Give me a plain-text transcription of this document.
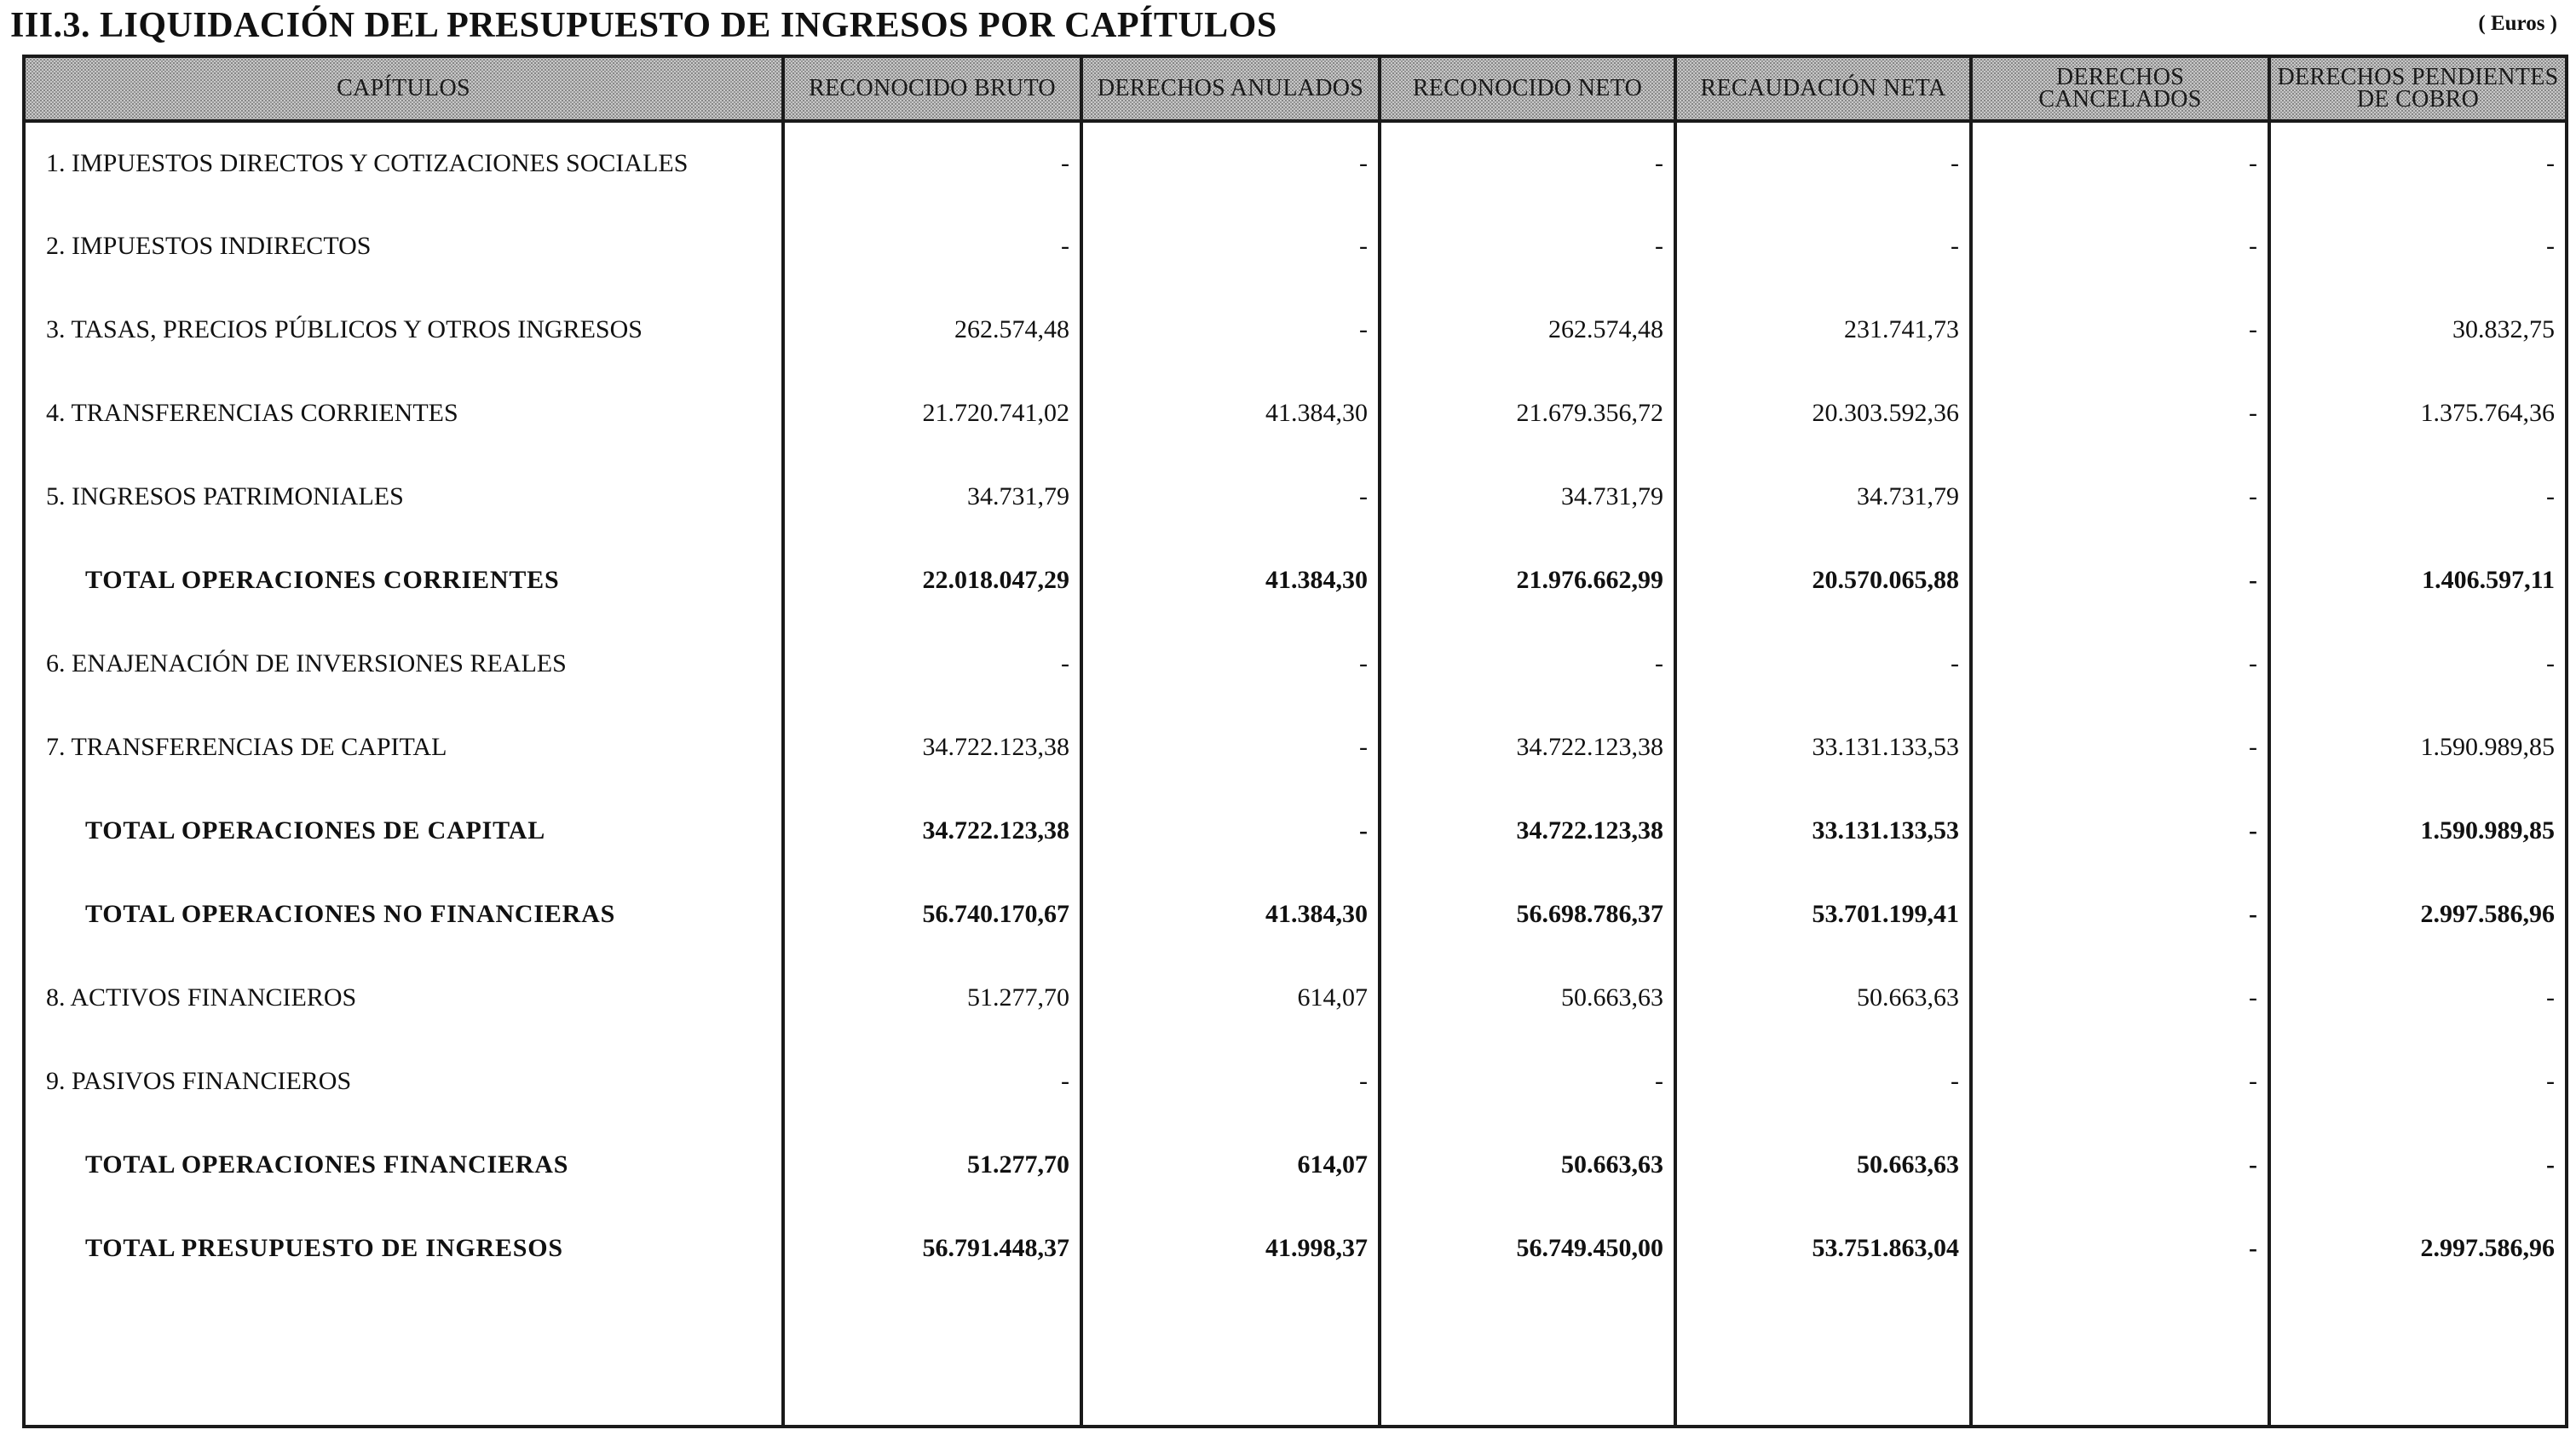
III.3. LIQUIDACIÓN DEL PRESUPUESTO DE INGRESOS POR CAPÍTULOS	( Euros )
CAPÍTULOS	RECONOCIDO BRUTO	DERECHOS ANULADOS	RECONOCIDO NETO	RECAUDACIÓN NETA	DERECHOS CANCELADOS	DERECHOS PENDIENTES DE COBRO
1. IMPUESTOS DIRECTOS Y COTIZACIONES SOCIALES	-	-	-	-	-	-
2. IMPUESTOS INDIRECTOS	-	-	-	-	-	-
3. TASAS, PRECIOS PÚBLICOS Y OTROS INGRESOS	262.574,48	-	262.574,48	231.741,73	-	30.832,75
4. TRANSFERENCIAS CORRIENTES	21.720.741,02	41.384,30	21.679.356,72	20.303.592,36	-	1.375.764,36
5. INGRESOS PATRIMONIALES	34.731,79	-	34.731,79	34.731,79	-	-
TOTAL OPERACIONES CORRIENTES	22.018.047,29	41.384,30	21.976.662,99	20.570.065,88	-	1.406.597,11
6. ENAJENACIÓN DE INVERSIONES REALES	-	-	-	-	-	-
7. TRANSFERENCIAS DE CAPITAL	34.722.123,38	-	34.722.123,38	33.131.133,53	-	1.590.989,85
TOTAL OPERACIONES DE CAPITAL	34.722.123,38	-	34.722.123,38	33.131.133,53	-	1.590.989,85
TOTAL OPERACIONES NO FINANCIERAS	56.740.170,67	41.384,30	56.698.786,37	53.701.199,41	-	2.997.586,96
8. ACTIVOS FINANCIEROS	51.277,70	614,07	50.663,63	50.663,63	-	-
9. PASIVOS FINANCIEROS	-	-	-	-	-	-
TOTAL OPERACIONES FINANCIERAS	51.277,70	614,07	50.663,63	50.663,63	-	-
TOTAL PRESUPUESTO DE INGRESOS	56.791.448,37	41.998,37	56.749.450,00	53.751.863,04	-	2.997.586,96
